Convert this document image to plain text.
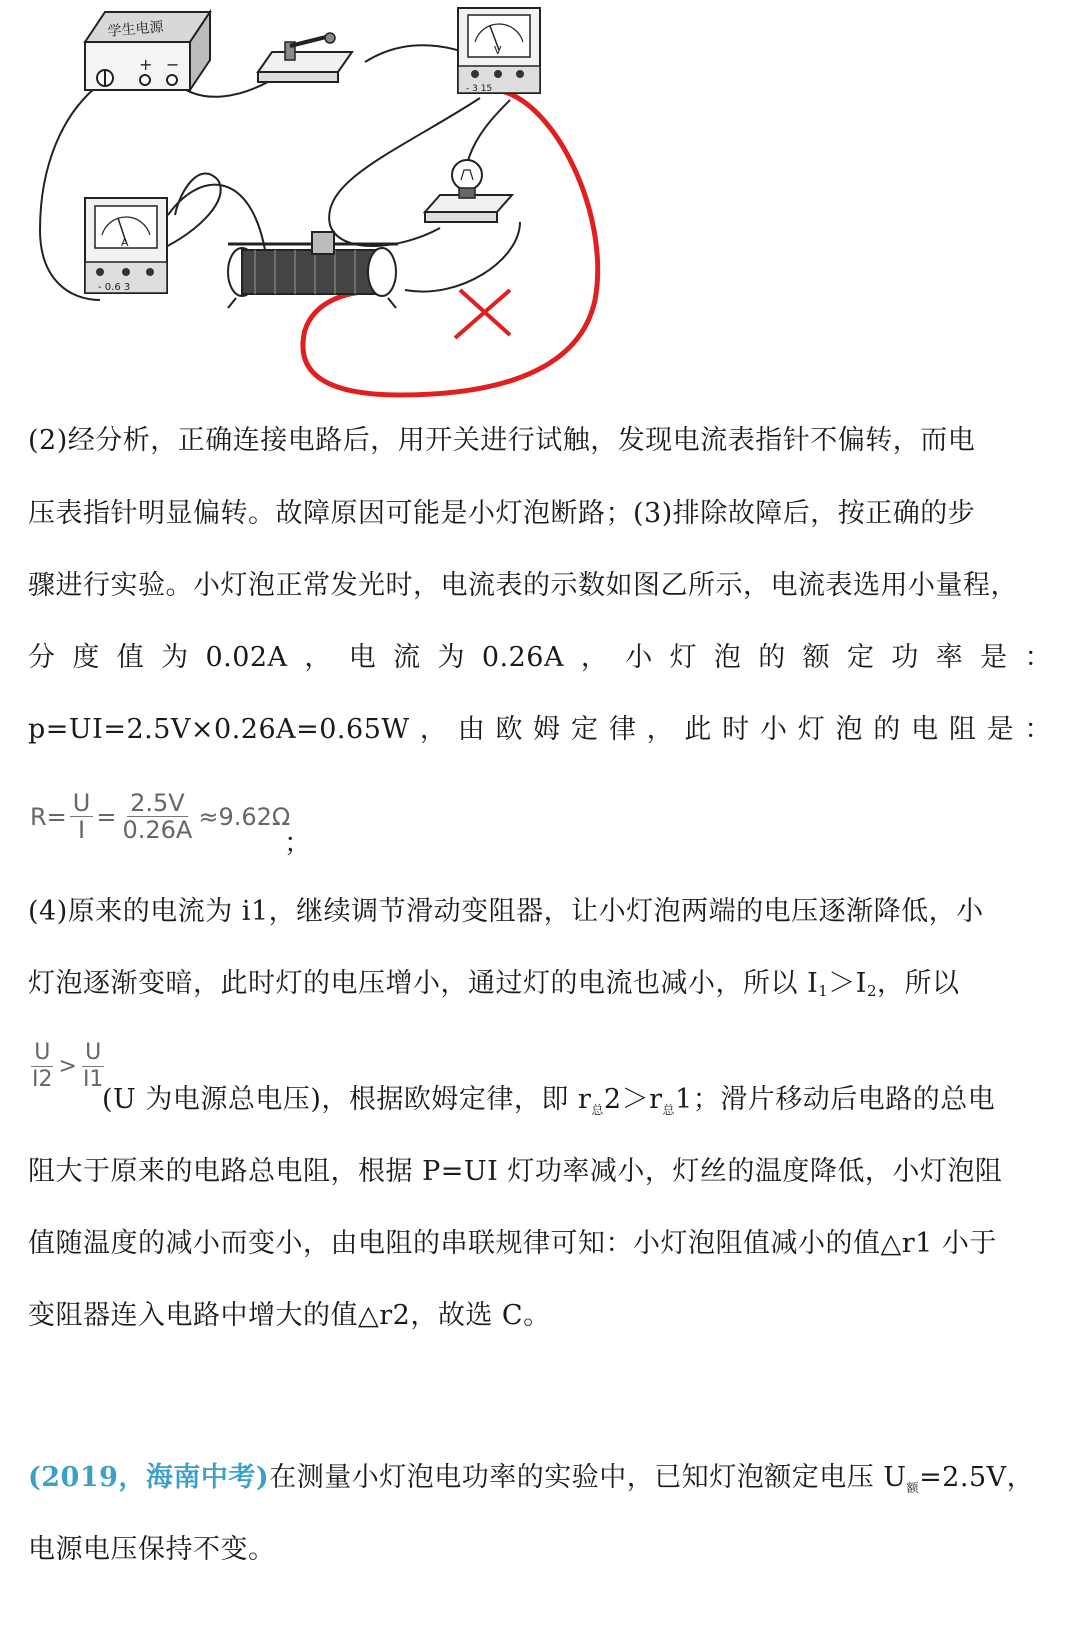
学生电源
+ −
V
- 3 15
A
- 0.6 3
(2)经分析，正确连接电路后，用开关进行试触，发现电流表指针不偏转，而电
压表指针明显偏转。故障原因可能是小灯泡断路；(3)排除故障后，按正确的步
骤进行实验。小灯泡正常发光时，电流表的示数如图乙所示，电流表选用小量程，
分 度 值 为 0.02A ， 电 流 为 0.26A ， 小 灯 泡 的 额 定 功 率 是 ：
p=UI=2.5V×0.26A=0.65W ， 由 欧 姆 定 律 ， 此 时 小 灯 泡 的 电 阻 是 ：
$R= \frac{U}{I} = \frac{2.5V}{0.26A} \approx 9.62\Omega$
；
(4)原来的电流为 i1，继续调节滑动变阻器，让小灯泡两端的电压逐渐降低，小
灯泡逐渐变暗，此时灯的电压增小，通过灯的电流也减小，所以 $I_1>I_2$，所以
$\frac{U}{I2} > \frac{U}{I1}$
(U 为电源总电压)，根据欧姆定律，即 $r_总2>r_总1$；滑片移动后电路的总电
阻大于原来的电路总电阻，根据 P=UI 灯功率减小，灯丝的温度降低，小灯泡阻
值随温度的减小而变小，由电阻的串联规律可知：小灯泡阻值减小的值△r1 小于
变阻器连入电路中增大的值△r2，故选 C。
(2019，海南中考)在测量小灯泡电功率的实验中，已知灯泡额定电压 $U_额=2.5V$，
电源电压保持不变。
